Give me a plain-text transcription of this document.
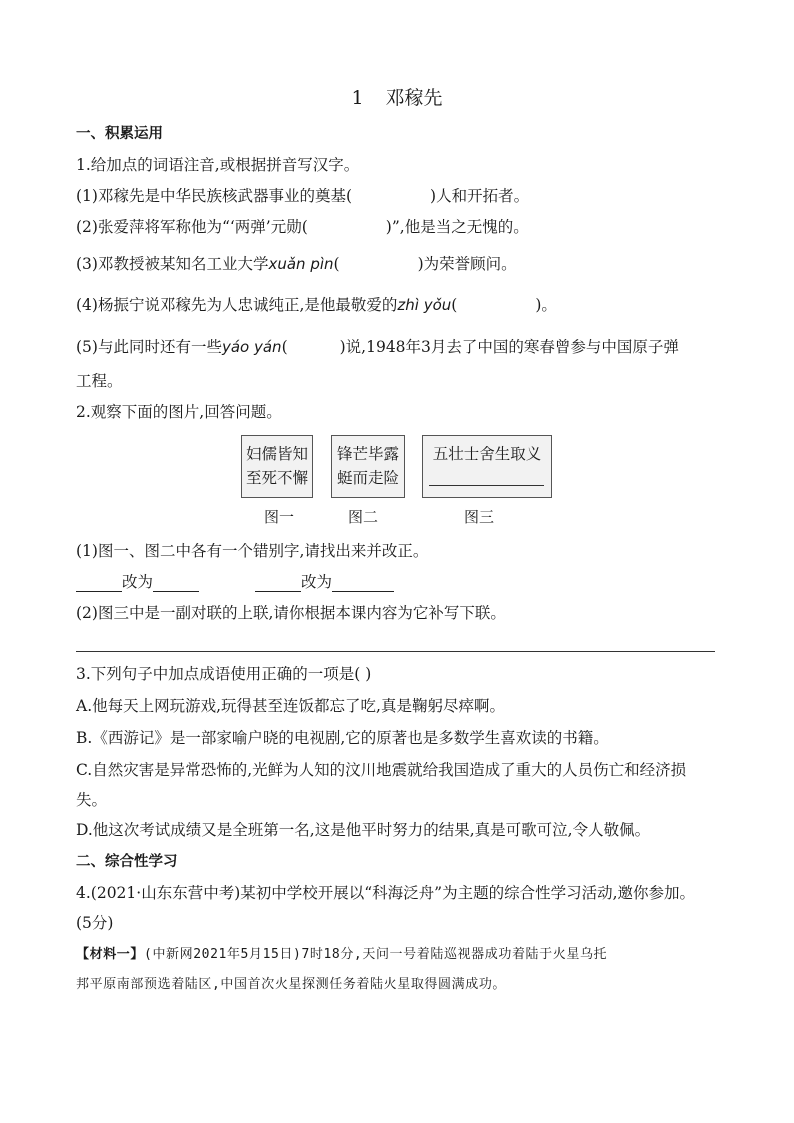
1 邓稼先
一、积累运用
1.给加点的词语注音,或根据拼音写汉字。
(1)邓稼先是中华民族核武器事业的奠基(	)人和开拓者。
(2)张爱萍将军称他为“‘两弹’元勋(	)”,他是当之无愧的。
(3)邓教授被某知名工业大学xuǎn pìn(	)为荣誉顾问。
(4)杨振宁说邓稼先为人忠诚纯正,是他最敬爱的zhì yǒu(	)。
(5)与此同时还有一些yáo yán(	)说,1948年3月去了中国的寒春曾参与中国原子弹
工程。
2.观察下面的图片,回答问题。
妇儒皆知
至死不懈
锋芒毕露
蜓而走险
五壮士舍生取义
图一	图二	图三
(1)图一、图二中各有一个错别字,请找出来并改正。
改为	改为
(2)图三中是一副对联的上联,请你根据本课内容为它补写下联。
3.下列句子中加点成语使用正确的一项是( )
A.他每天上网玩游戏,玩得甚至连饭都忘了吃,真是鞠躬尽瘁啊。
B.《西游记》是一部家喻户晓的电视剧,它的原著也是多数学生喜欢读的书籍。
C.自然灾害是异常恐怖的,光鲜为人知的汶川地震就给我国造成了重大的人员伤亡和经济损
失。
D.他这次考试成绩又是全班第一名,这是他平时努力的结果,真是可歌可泣,令人敬佩。
二、综合性学习
4.(2021·山东东营中考)某初中学校开展以“科海泛舟”为主题的综合性学习活动,邀你参加。
(5分)
【材料一】(中新网2021年5月15日)7时18分,天问一号着陆巡视器成功着陆于火星乌托
邦平原南部预选着陆区,中国首次火星探测任务着陆火星取得圆满成功。
